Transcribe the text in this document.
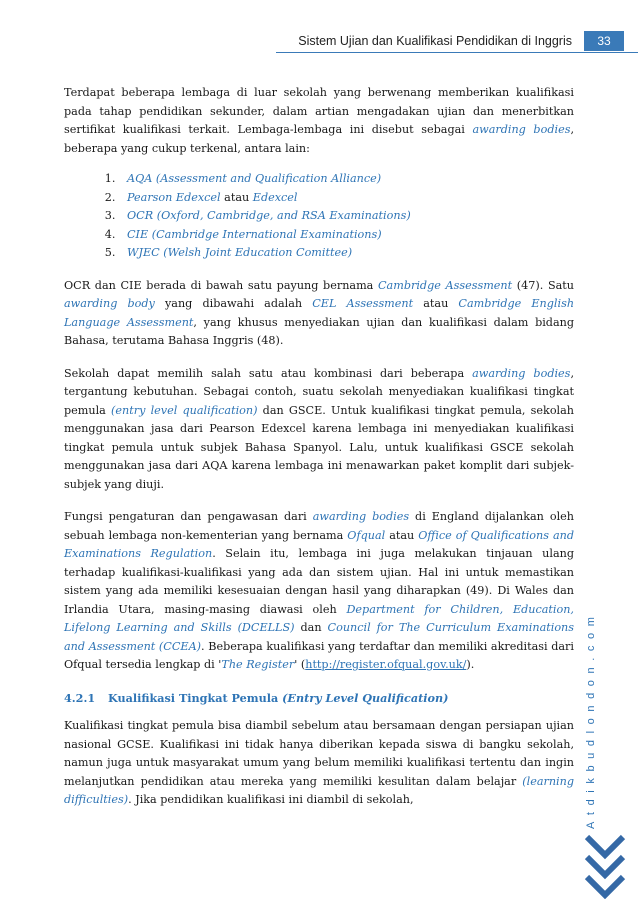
Sistem Ujian dan Kualifikasi Pendidikan di Inggris	33

Terdapat beberapa lembaga di luar sekolah yang berwenang memberikan kualifikasi pada tahap pendidikan sekunder, dalam artian mengadakan ujian dan menerbitkan sertifikat kualifikasi terkait. Lembaga-lembaga ini disebut sebagai awarding bodies, beberapa yang cukup terkenal, antara lain:

1. AQA (Assessment and Qualification Alliance)
2. Pearson Edexcel atau Edexcel
3. OCR (Oxford, Cambridge, and RSA Examinations)
4. CIE (Cambridge International Examinations)
5. WJEC (Welsh Joint Education Comittee)

OCR dan CIE berada di bawah satu payung bernama Cambridge Assessment (47). Satu awarding body yang dibawahi adalah CEL Assessment atau Cambridge English Language Assessment, yang khusus menyediakan ujian dan kualifikasi dalam bidang Bahasa, terutama Bahasa Inggris (48).

Sekolah dapat memilih salah satu atau kombinasi dari beberapa awarding bodies, tergantung kebutuhan. Sebagai contoh, suatu sekolah menyediakan kualifikasi tingkat pemula (entry level qualification) dan GSCE. Untuk kualifikasi tingkat pemula, sekolah menggunakan jasa dari Pearson Edexcel karena lembaga ini menyediakan kualifikasi tingkat pemula untuk subjek Bahasa Spanyol. Lalu, untuk kualifikasi GSCE sekolah menggunakan jasa dari AQA karena lembaga ini menawarkan paket komplit dari subjek-subjek yang diuji.

Fungsi pengaturan dan pengawasan dari awarding bodies di England dijalankan oleh sebuah lembaga non-kementerian yang bernama Ofqual atau Office of Qualifications and Examinations Regulation. Selain itu, lembaga ini juga melakukan tinjauan ulang terhadap kualifikasi-kualifikasi yang ada dan sistem ujian. Hal ini untuk memastikan sistem yang ada memiliki kesesuaian dengan hasil yang diharapkan (49). Di Wales dan Irlandia Utara, masing-masing diawasi oleh Department for Children, Education, Lifelong Learning and Skills (DCELLS) dan Council for The Curriculum Examinations and Assessment (CCEA). Beberapa kualifikasi yang terdaftar dan memiliki akreditasi dari Ofqual tersedia lengkap di 'The Register' (http://register.ofqual.gov.uk/).

4.2.1 Kualifikasi Tingkat Pemula (Entry Level Qualification)

Kualifikasi tingkat pemula bisa diambil sebelum atau bersamaan dengan persiapan ujian nasional GCSE. Kualifikasi ini tidak hanya diberikan kepada siswa di bangku sekolah, namun juga untuk masyarakat umum yang belum memiliki kualifikasi tertentu dan ingin melanjutkan pendidikan atau mereka yang memiliki kesulitan dalam belajar (learning difficulties). Jika pendidikan kualifikasi ini diambil di sekolah,	Atdikbudlondon.com
